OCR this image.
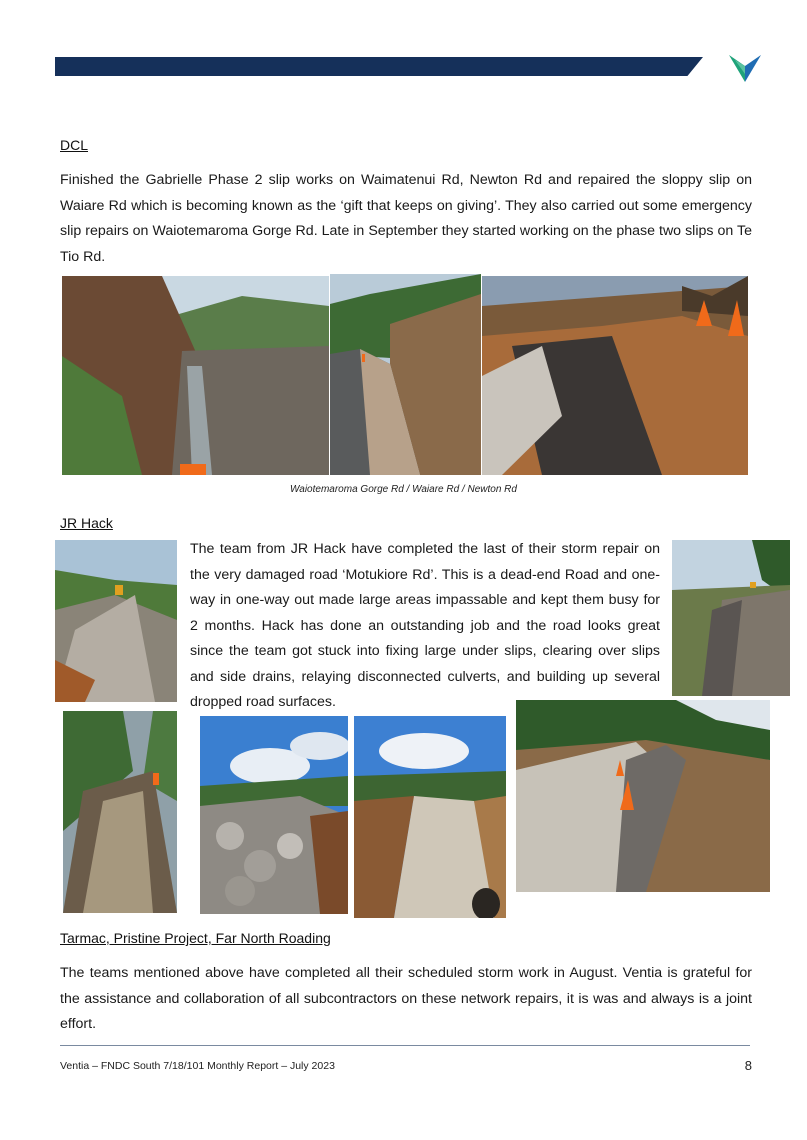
DCL
Finished the Gabrielle Phase 2 slip works on Waimatenui Rd, Newton Rd and repaired the sloppy slip on Waiare Rd which is becoming known as the ‘gift that keeps on giving’. They also carried out some emergency slip repairs on Waiotemaroma Gorge Rd. Late in September they started working on the phase two slips on Te Tio Rd.
Waiotemaroma Gorge Rd / Waiare Rd / Newton Rd
JR Hack
The team from JR Hack have completed the last of their storm repair on the very damaged road ‘Motukiore Rd’. This is a dead-end Road and one-way in one-way out made large areas impassable and kept them busy for 2 months. Hack has done an outstanding job and the road looks great since the team got stuck into fixing large under slips, clearing over slips and side drains, relaying disconnected culverts, and building up several dropped road surfaces.
Tarmac, Pristine Project, Far North Roading
The teams mentioned above have completed all their scheduled storm work in August. Ventia is grateful for the assistance and collaboration of all subcontractors on these network repairs, it is was and always is a joint effort.
Ventia – FNDC South 7/18/101 Monthly Report – July 2023	8
